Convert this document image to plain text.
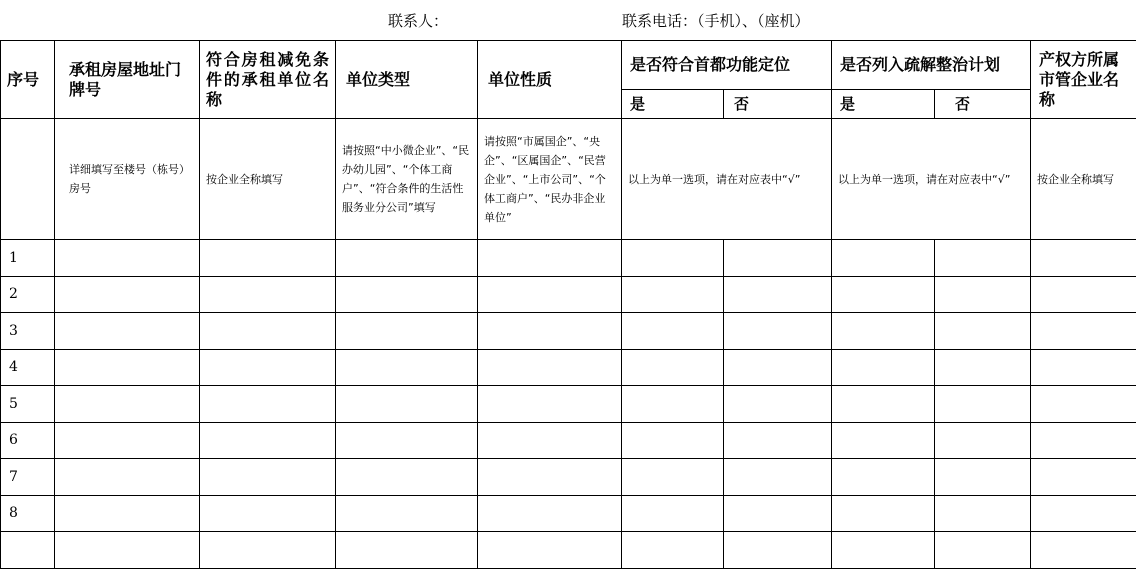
联系人：	联系电话：（手机）、（座机）
序号	承租房屋地址门牌号	符合房租减免条件的承租单位名称	单位类型	单位性质	是否符合首都功能定位		是否列入疏解整治计划		产权方所属市管企业名称
					是	否	是	否	
	详细填写至楼号（栋号）房号	按企业全称填写	请按照“中小微企业”、“民办幼儿园”、“个体工商户”、“符合条件的生活性服务业分公司”填写	请按照“市属国企”、“央企”、“区属国企”、“民营企业”、“上市公司”、“个体工商户”、“民办非企业单位”	以上为单一选项，请在对应表中“√”		以上为单一选项，请在对应表中“√”		按企业全称填写
1									
2									
3									
4									
5									
6									
7									
8									
